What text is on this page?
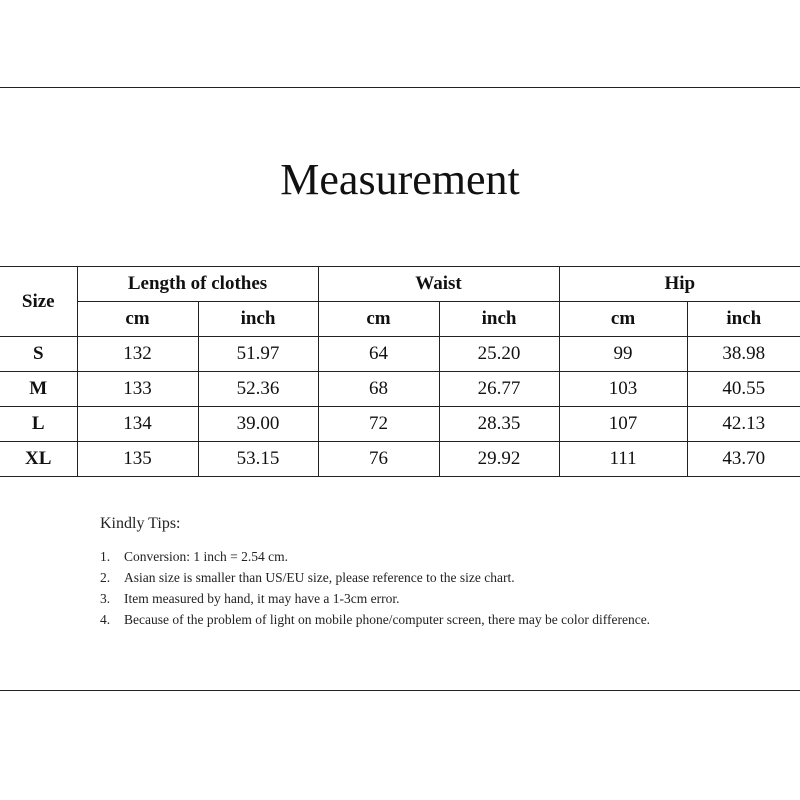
Measurement
Size	Length of clothes		Waist		Hip	
	cm	inch	cm	inch	cm	inch
S	132	51.97	64	25.20	99	38.98
M	133	52.36	68	26.77	103	40.55
L	134	39.00	72	28.35	107	42.13
XL	135	53.15	76	29.92	111	43.70

Kindly Tips:

1. Conversion: 1 inch = 2.54 cm.
2. Asian size is smaller than US/EU size, please reference to the size chart.
3. Item measured by hand, it may have a 1-3cm error.
4. Because of the problem of light on mobile phone/computer screen, there may be color difference.
